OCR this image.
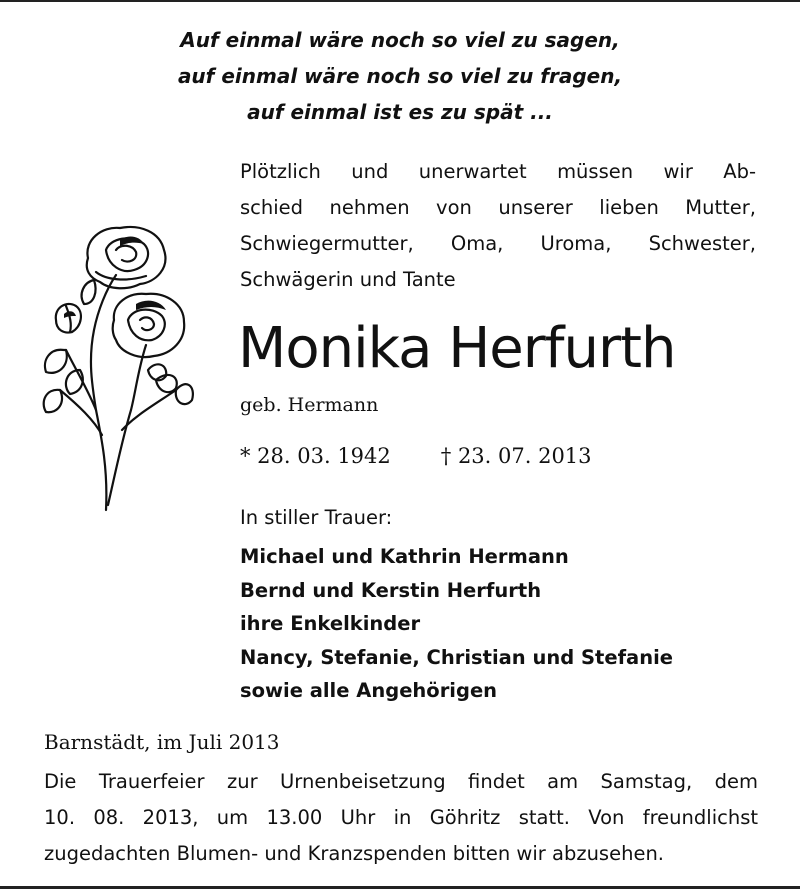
Auf einmal wäre noch so viel zu sagen,
auf einmal wäre noch so viel zu fragen,
auf einmal ist es zu spät ...
Plötzlich und unerwartet müssen wir Ab-
schied nehmen von unserer lieben Mutter,
Schwiegermutter, Oma, Uroma, Schwester,
Schwägerin und Tante
Monika Herfurth
geb. Hermann
* 28. 03. 1942 † 23. 07. 2013
In stiller Trauer:
Michael und Kathrin Hermann
Bernd und Kerstin Herfurth
ihre Enkelkinder
Nancy, Stefanie, Christian und Stefanie
sowie alle Angehörigen
Barnstädt, im Juli 2013
Die Trauerfeier zur Urnenbeisetzung findet am Samstag, dem
10. 08. 2013, um 13.00 Uhr in Göhritz statt. Von freundlichst
zugedachten Blumen- und Kranzspenden bitten wir abzusehen.
